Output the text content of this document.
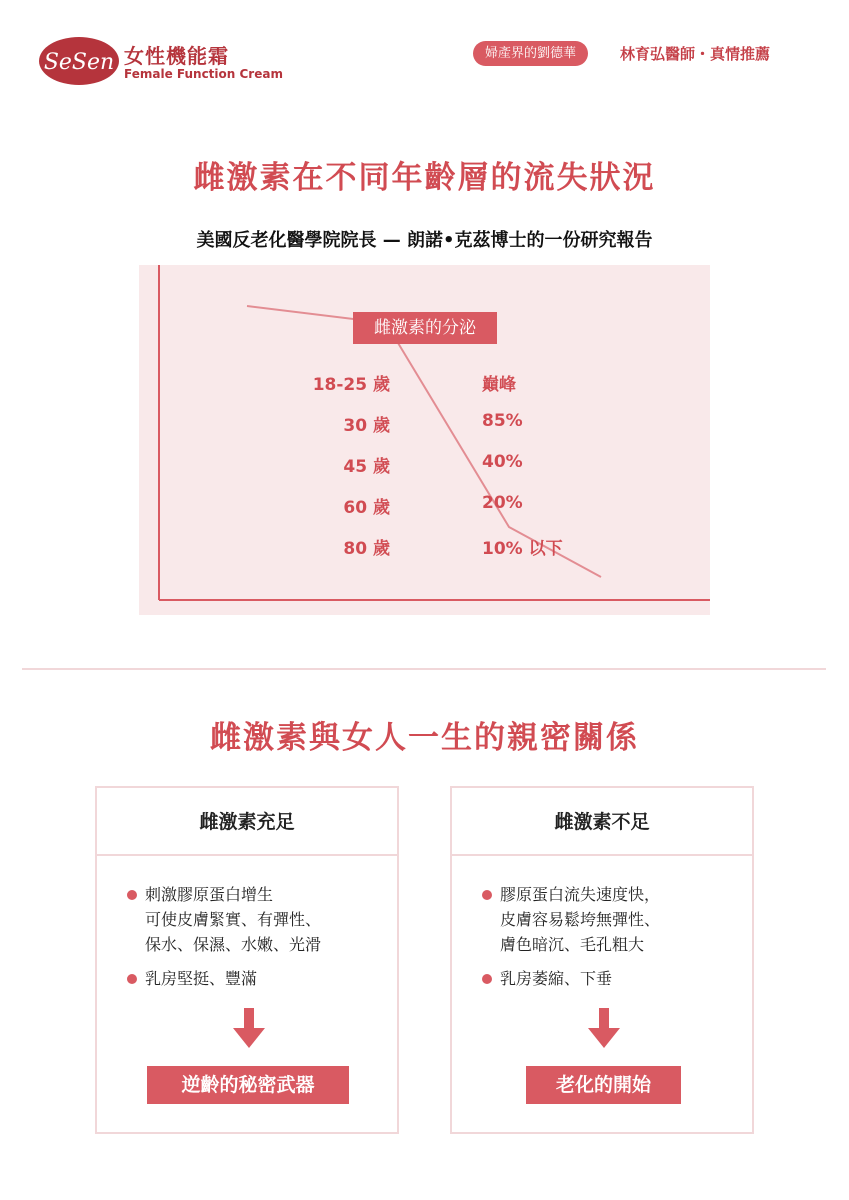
SeSen 女性機能霜
Female Function Cream
婦產界的劉德華	林育弘醫師・真情推薦
雌激素在不同年齡層的流失狀況
美國反老化醫學院院長 — 朗諾•克茲博士的一份研究報告
雌激素的分泌
18-25 歲	巔峰
30 歲	85%
45 歲	40%
60 歲	20%
80 歲	10% 以下
雌激素與女人一生的親密關係
雌激素充足
刺激膠原蛋白增生
可使皮膚緊實、有彈性、
保水、保濕、水嫩、光滑
乳房堅挺、豐滿
逆齡的秘密武器
雌激素不足
膠原蛋白流失速度快，
皮膚容易鬆垮無彈性、
膚色暗沉、毛孔粗大
乳房萎縮、下垂
老化的開始
